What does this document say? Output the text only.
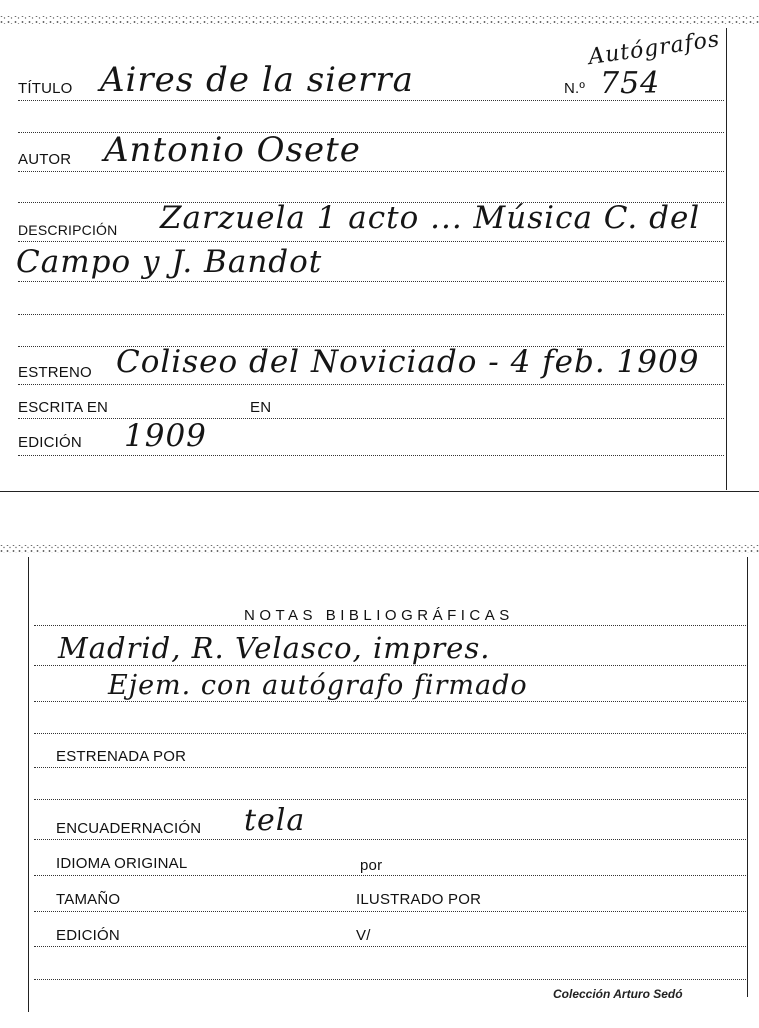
Autógrafos
TÍTULO Aires de la sierra	N.º 754
AUTOR Antonio Osete
DESCRIPCIÓN Zarzuela 1 acto ... Música C. del
Campo y J. Bandot
ESTRENO Coliseo del Noviciado - 4 feb. 1909
ESCRITA EN	EN
EDICIÓN 1909
NOTAS BIBLIOGRÁFICAS
Madrid, R. Velasco, impres.
Ejem. con autógrafo firmado
ESTRENADA POR
ENCUADERNACIÓN tela
IDIOMA ORIGINAL	por
TAMAÑO	ILUSTRADO POR
EDICIÓN	V/
Colección Arturo Sedó
